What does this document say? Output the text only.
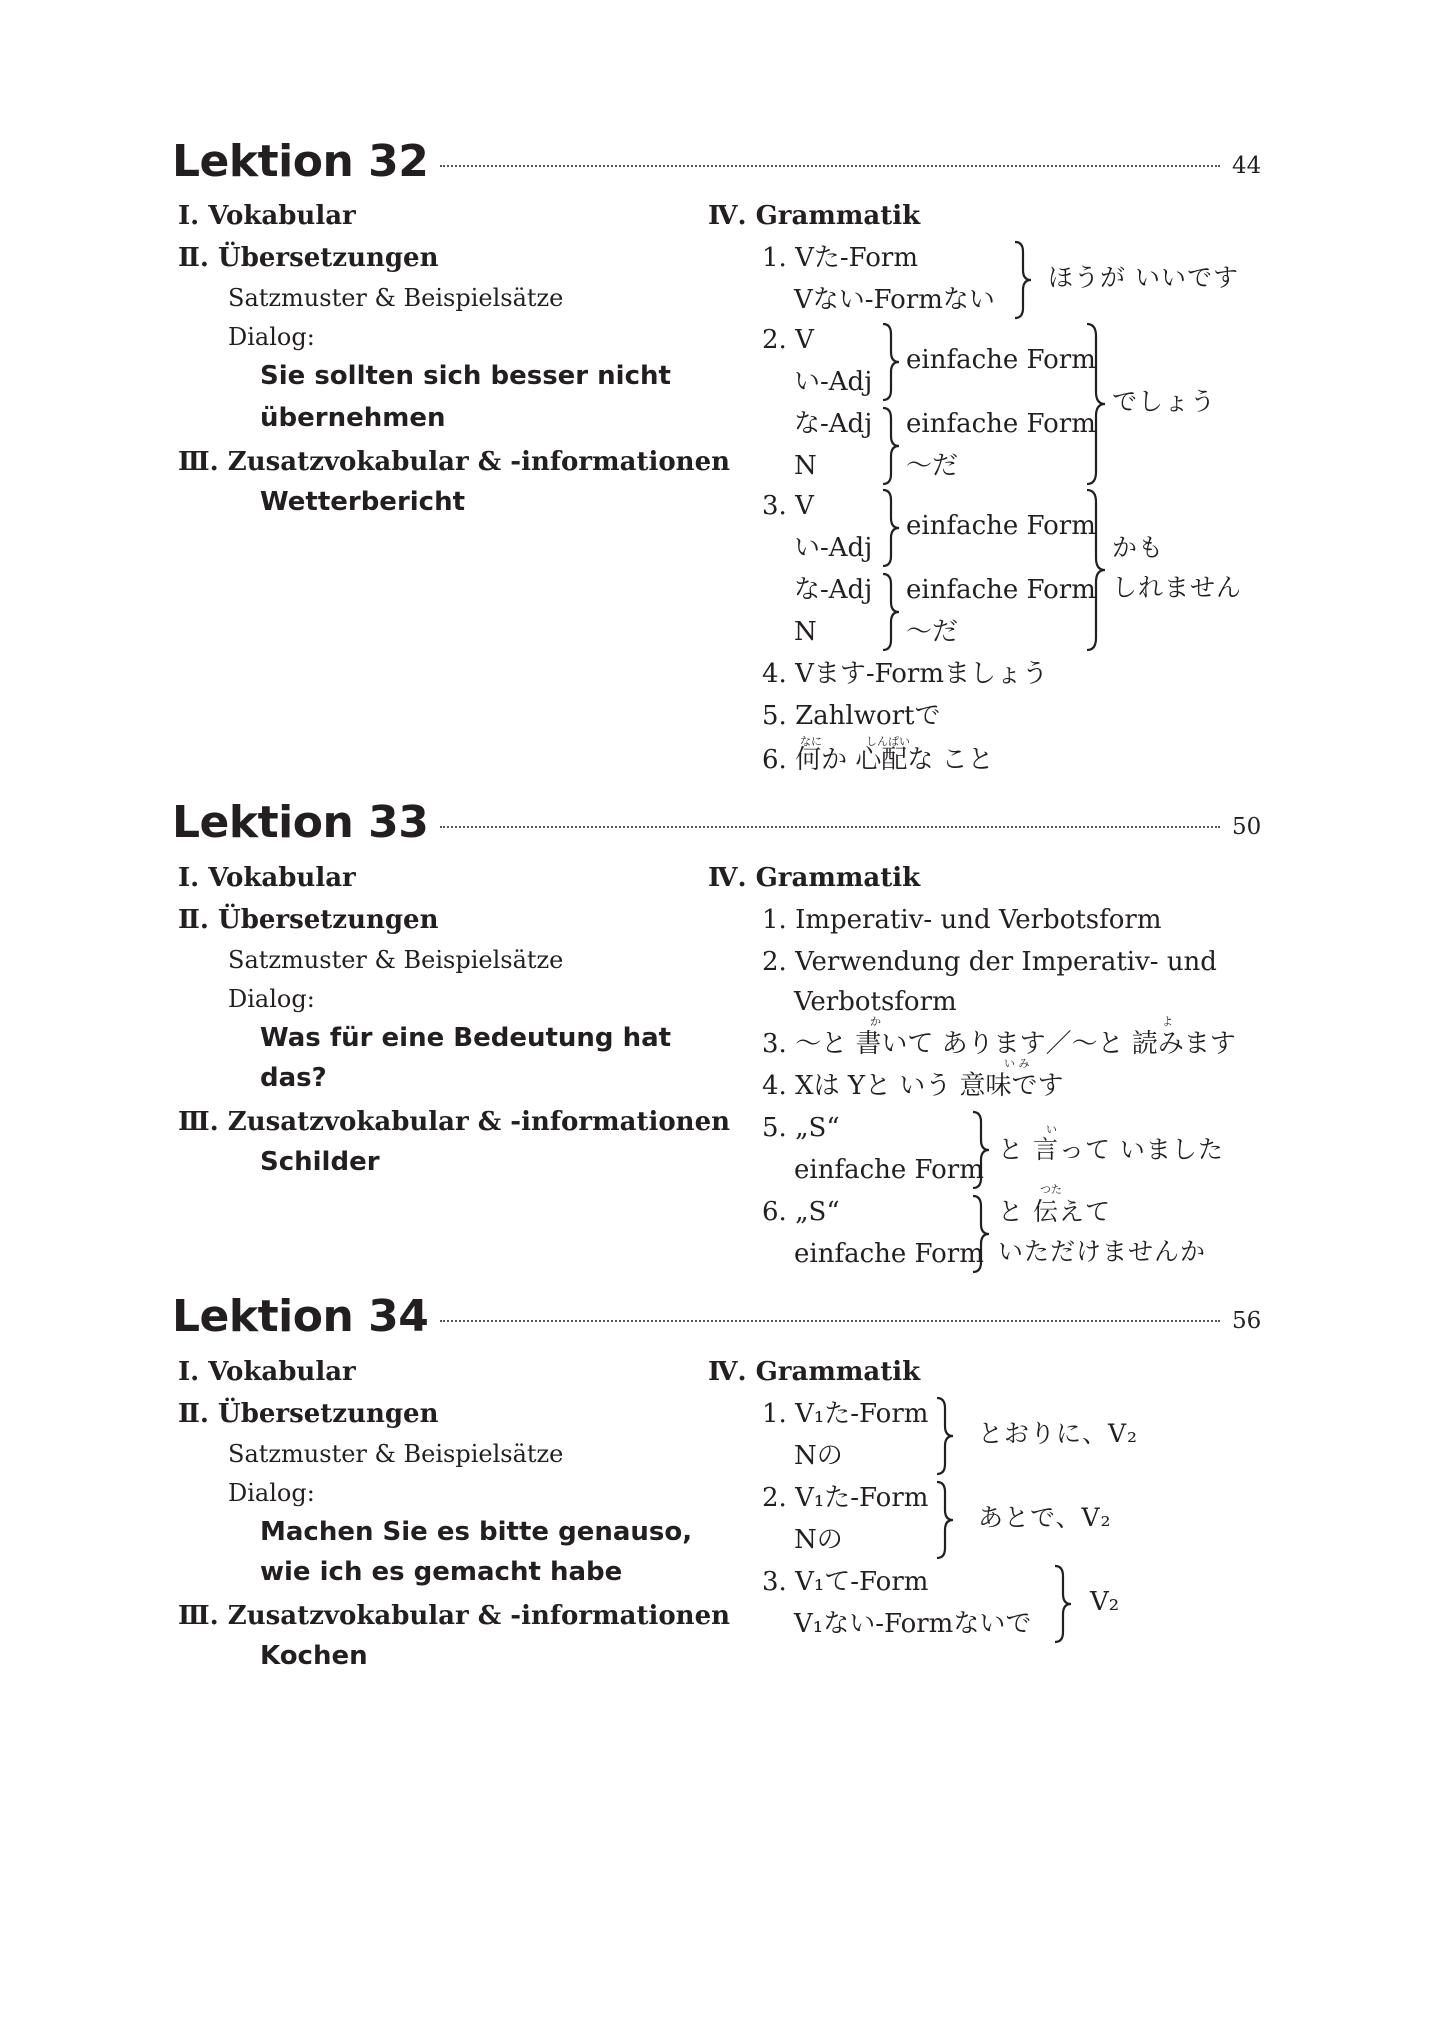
Lektion 32	44
Ⅰ. Vokabular
Ⅱ. Übersetzungen
Satzmuster & Beispielsätze
Dialog:
Sie sollten sich besser nicht
übernehmen
Ⅲ. Zusatzvokabular & -informationen
Wetterbericht
Ⅳ. Grammatik
1. Vた-Form
Vない-Formない
ほうが いいです
2. V
い-Adj
な-Adj
N
einfache Form
einfache Form
～だ
でしょう
3. V
い-Adj
な-Adj
N
einfache Form
einfache Form
～だ
かも
しれません
4. Vます-Formましょう
5. Zahlwortで
なに	しんぱい
6. 何か 心配な こと
Lektion 33	50
Ⅰ. Vokabular
Ⅱ. Übersetzungen
Satzmuster & Beispielsätze
Dialog:
Was für eine Bedeutung hat
das?
Ⅲ. Zusatzvokabular & -informationen
Schilder
Ⅳ. Grammatik
1. Imperativ- und Verbotsform
2. Verwendung der Imperativ- und
Verbotsform
か	よ
3. ～と 書いて あります／～と 読みます
い み
4. Xは Yと いう 意味です
5. „S“
einfache Form
い
と 言って いました
6. „S“
einfache Form
つた
と 伝えて
いただけませんか
Lektion 34	56
Ⅰ. Vokabular
Ⅱ. Übersetzungen
Satzmuster & Beispielsätze
Dialog:
Machen Sie es bitte genauso,
wie ich es gemacht habe
Ⅲ. Zusatzvokabular & -informationen
Kochen
Ⅳ. Grammatik
1. V₁た-Form
Nの
とおりに、V₂
2. V₁た-Form
Nの
あとで、V₂
3. V₁て-Form
V₁ない-Formないで
V₂
